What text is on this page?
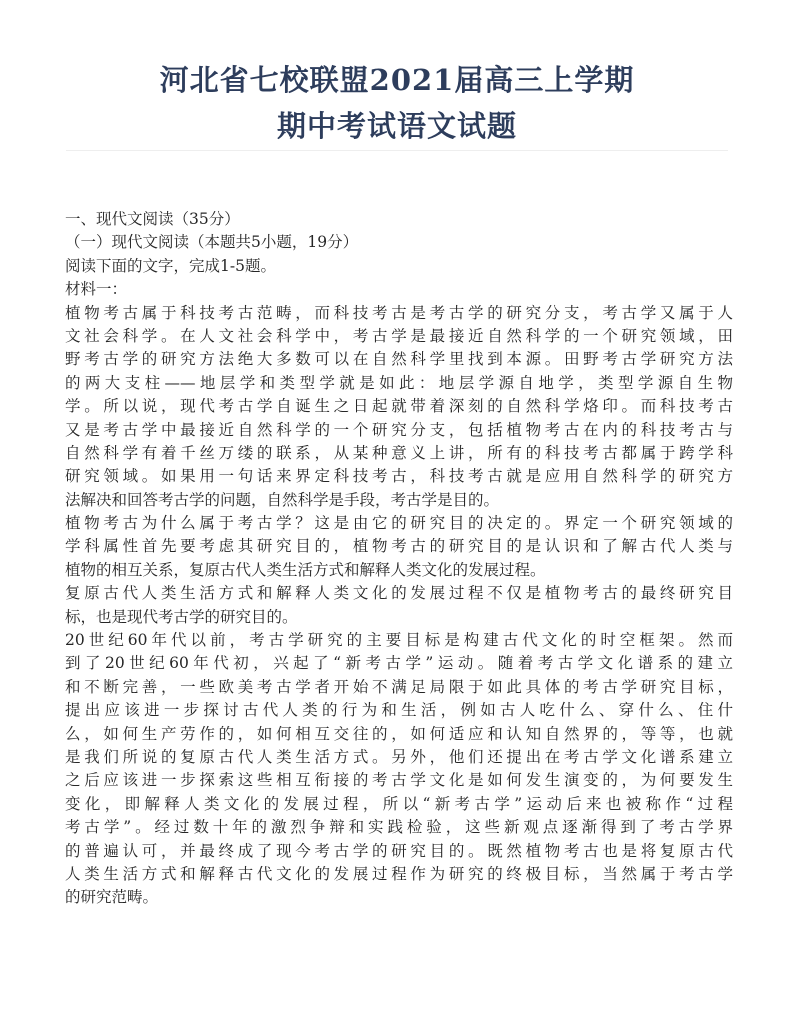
河北省七校联盟2021届高三上学期
期中考试语文试题
一、现代文阅读（35分）
（一）现代文阅读（本题共5小题，19分）
阅读下面的文字，完成1-5题。
材料一：
植物考古属于科技考古范畴，而科技考古是考古学的研究分支，考古学又属于人
文社会科学。在人文社会科学中，考古学是最接近自然科学的一个研究领域，田
野考古学的研究方法绝大多数可以在自然科学里找到本源。田野考古学研究方法
的两大支柱——地层学和类型学就是如此：地层学源自地学，类型学源自生物
学。所以说，现代考古学自诞生之日起就带着深刻的自然科学烙印。而科技考古
又是考古学中最接近自然科学的一个研究分支，包括植物考古在内的科技考古与
自然科学有着千丝万缕的联系，从某种意义上讲，所有的科技考古都属于跨学科
研究领域。如果用一句话来界定科技考古，科技考古就是应用自然科学的研究方
法解决和回答考古学的问题，自然科学是手段，考古学是目的。
植物考古为什么属于考古学？这是由它的研究目的决定的。界定一个研究领域的
学科属性首先要考虑其研究目的，植物考古的研究目的是认识和了解古代人类与
植物的相互关系，复原古代人类生活方式和解释人类文化的发展过程。
复原古代人类生活方式和解释人类文化的发展过程不仅是植物考古的最终研究目
标，也是现代考古学的研究目的。
20世纪60年代以前，考古学研究的主要目标是构建古代文化的时空框架。然而
到了20世纪60年代初，兴起了“新考古学”运动。随着考古学文化谱系的建立
和不断完善，一些欧美考古学者开始不满足局限于如此具体的考古学研究目标，
提出应该进一步探讨古代人类的行为和生活，例如古人吃什么、穿什么、住什
么，如何生产劳作的，如何相互交往的，如何适应和认知自然界的，等等，也就
是我们所说的复原古代人类生活方式。另外，他们还提出在考古学文化谱系建立
之后应该进一步探索这些相互衔接的考古学文化是如何发生演变的，为何要发生
变化，即解释人类文化的发展过程，所以“新考古学”运动后来也被称作“过程
考古学”。经过数十年的激烈争辩和实践检验，这些新观点逐渐得到了考古学界
的普遍认可，并最终成了现今考古学的研究目的。既然植物考古也是将复原古代
人类生活方式和解释古代文化的发展过程作为研究的终极目标，当然属于考古学
的研究范畴。
